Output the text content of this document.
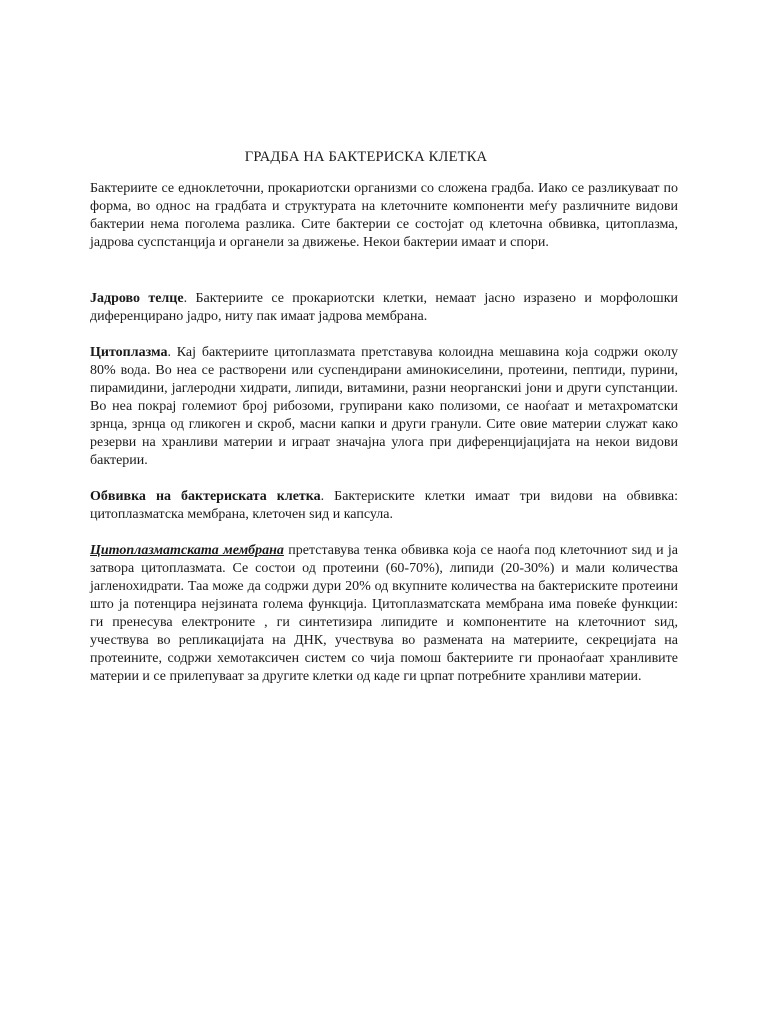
ГРАДБА НА БАКТЕРИСКА КЛЕТКА
Бактериите се едноклеточни, прокариотски организми со сложена градба. Иако се разликуваат по форма, во однос на градбата и структурата на клеточните компоненти меѓу различните видови бактерии нема поголема разлика. Сите бактерии се состојат од клеточна обвивка, цитоплазма, јадрова суспстанција и органели за движење. Некои бактерии имаат и спори.
Јадрово телце. Бактериите се прокариотски клетки, немаат јасно изразено и морфолошки диференцирано јадро, ниту пак имаат јадрова мембрана.
Цитоплазма. Кај бактериите цитоплазмата претставува колоидна мешавина која содржи околу 80% вода. Во неа се растворени или суспендирани аминокиселини, протеини, пептиди, пурини, пирамидини, јаглеродни хидрати, липиди, витамини, разни неорганскиi јони и други супстанции. Во неа покрај големиот број рибозоми, групирани како полизоми, се наоѓаат и метахроматски зрнца, зрнца од гликоген и скроб, масни капки и други гранули. Сите овие материи служат како резерви на хранливи материи и играат значајна улога при диференцијацијата на некои видови бактерии.
Обвивка на бактериската клетка. Бактериските клетки имаат три видови на обвивка: цитоплазматска мембрана, клеточен ѕид и капсула.
Цитоплазматската мембрана претставува тенка обвивка која се наоѓа под клеточниот ѕид и ја затвора цитоплазмата. Се состои од протеини (60-70%), липиди (20-30%) и мали количества јагленохидрати. Таа може да содржи дури 20% од вкупните количества на бактериските протеини што ја потенцира нејзината голема функција. Цитоплазматската мембрана има повеќе функции: ги пренесува електроните , ги синтетизира липидите и компонентите на клеточниот ѕид, учествува во репликацијата на ДНК, учествува во размената на материите, секрецијата на протеините, содржи хемотаксичен систем со чија помош бактериите ги пронаоѓаат хранливите материи и се прилепуваат за другите клетки од каде ги црпат потребните хранливи материи.
